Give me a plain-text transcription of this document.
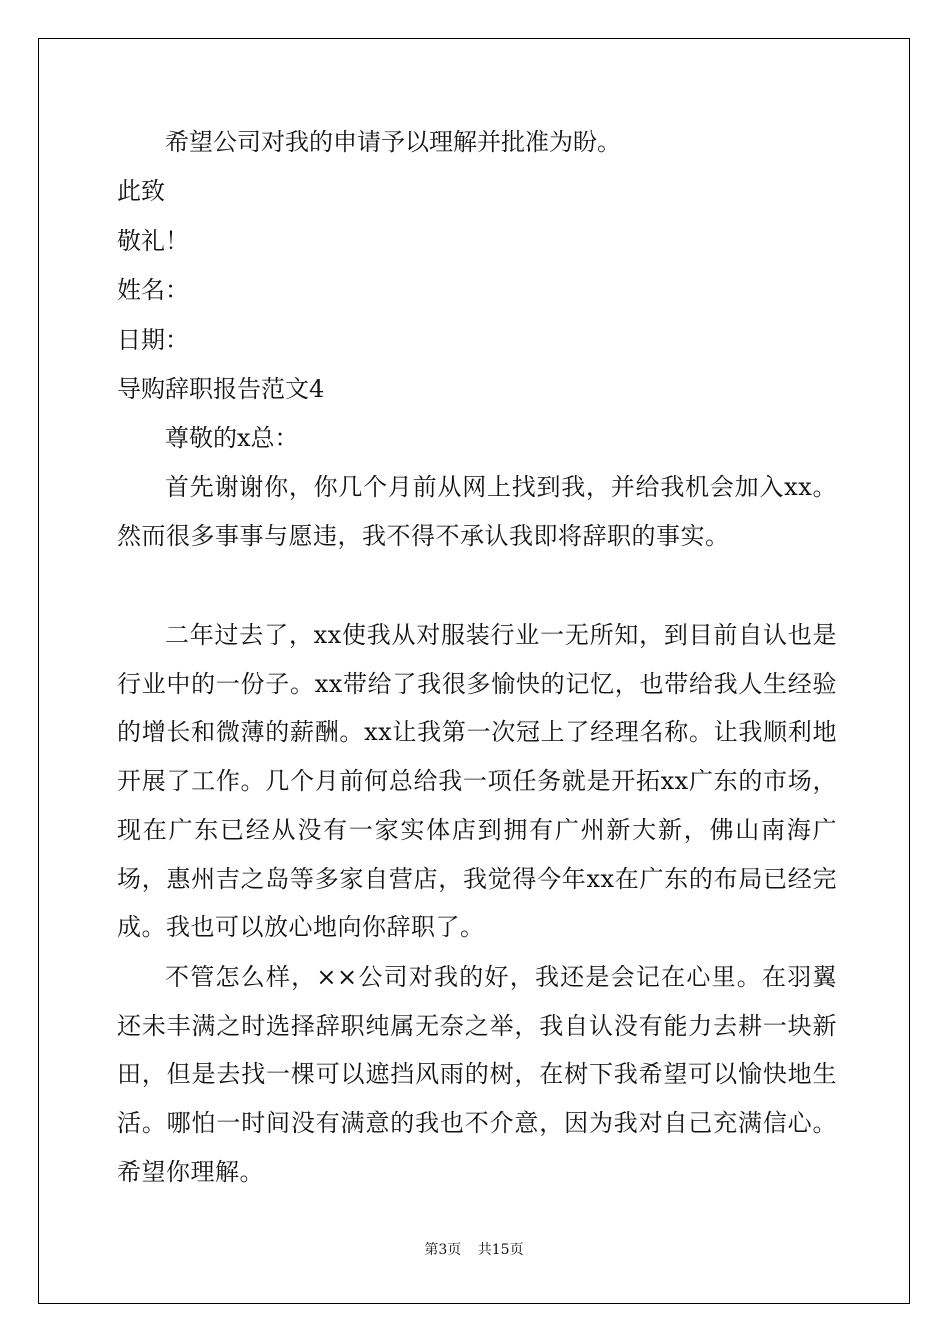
希望公司对我的申请予以理解并批准为盼。
此致
敬礼！
姓名：
日期：
导购辞职报告范文4
尊敬的x总：
首先谢谢你，你几个月前从网上找到我，并给我机会加入xx。然而很多事事与愿违，我不得不承认我即将辞职的事实。
二年过去了，xx使我从对服装行业一无所知，到目前自认也是行业中的一份子。xx带给了我很多愉快的记忆，也带给我人生经验的增长和微薄的薪酬。xx让我第一次冠上了经理名称。让我顺利地开展了工作。几个月前何总给我一项任务就是开拓xx广东的市场，现在广东已经从没有一家实体店到拥有广州新大新，佛山南海广场，惠州吉之岛等多家自营店，我觉得今年xx在广东的布局已经完成。我也可以放心地向你辞职了。
不管怎么样，××公司对我的好，我还是会记在心里。在羽翼还未丰满之时选择辞职纯属无奈之举，我自认没有能力去耕一块新田，但是去找一棵可以遮挡风雨的树，在树下我希望可以愉快地生活。哪怕一时间没有满意的我也不介意，因为我对自己充满信心。希望你理解。
第3页 共15页
